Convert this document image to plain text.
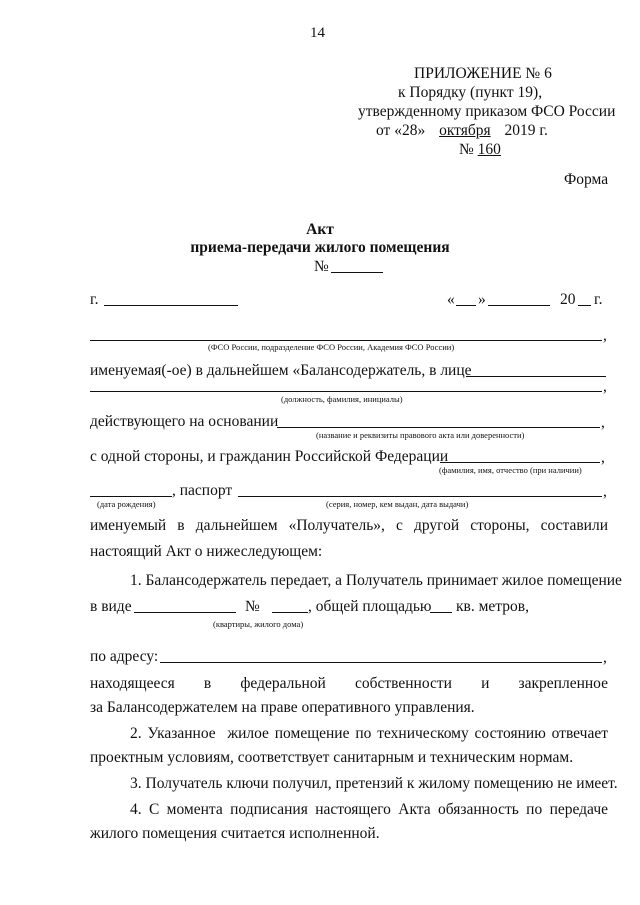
14
ПРИЛОЖЕНИЕ № 6
к Порядку (пункт 19),
утвержденному приказом ФСО России
от «28» октября 2019 г.
№ 160
Форма
Акт
приема-передачи жилого помещения
№
г.	« »	20 г.
,
(ФСО России, подразделение ФСО России, Академия ФСО России)
именуемая(-ое) в дальнейшем «Балансодержатель, в лице
,
(должность, фамилия, инициалы)
действующего на основании	,
(название и реквизиты правового акта или доверенности)
с одной стороны, и гражданин Российской Федерации	,
(фамилия, имя, отчество (при наличии)
, паспорт	,
(дата рождения)	(серия, номер, кем выдан, дата выдачи)
именуемый в дальнейшем «Получатель», с другой стороны, составили
настоящий Акт о нижеследующем:
1. Балансодержатель передает, а Получатель принимает жилое помещение
в виде	№	, общей площадью кв. метров,
(квартиры, жилого дома)
по адресу:	,
находящееся в федеральной собственности и закрепленное
за Балансодержателем на праве оперативного управления.
2. Указанное  жилое помещение по техническому состоянию отвечает
проектным условиям, соответствует санитарным и техническим нормам.
3. Получатель ключи получил, претензий к жилому помещению не имеет.
4. С момента подписания настоящего Акта обязанность по передаче
жилого помещения считается исполненной.
